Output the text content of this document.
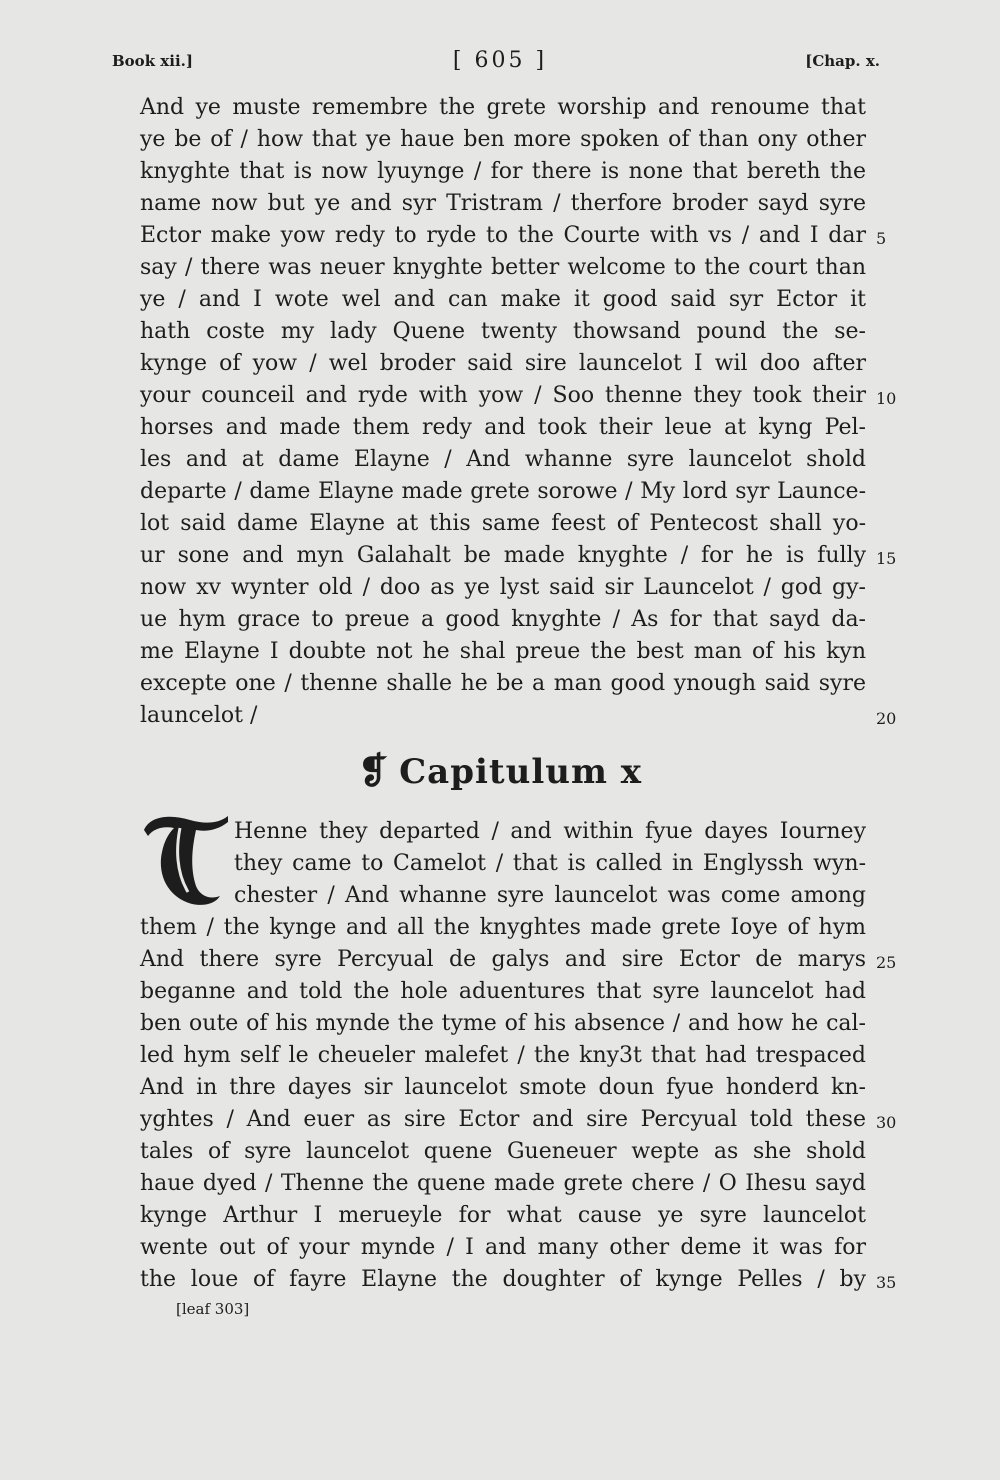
Book xii.]	[ 605 ]	[Chap. x.
And ye muste remembre the grete worship and renoume that
ye be of / how that ye haue ben more spoken of than ony other
knyghte that is now lyuynge / for there is none that bereth the
name now but ye and syr Tristram / therfore broder sayd syre
Ector make yow redy to ryde to the Courte with vs / and I dar
say / there was neuer knyghte better welcome to the court than
ye / and I wote wel and can make it good said syr Ector it
hath coste my lady Quene twenty thowsand pound the se-
kynge of yow / wel broder said sire launcelot I wil doo after
your counceil and ryde with yow / Soo thenne they took their
horses and made them redy and took their leue at kyng Pel-
les and at dame Elayne / And whanne syre launcelot shold
departe / dame Elayne made grete sorowe / My lord syr Launce-
lot said dame Elayne at this same feest of Pentecost shall yo-
ur sone and myn Galahalt be made knyghte / for he is fully
now xv wynter old / doo as ye lyst said sir Launcelot / god gy-
ue hym grace to preue a good knyghte / As for that sayd da-
me Elayne I doubte not he shal preue the best man of his kyn
excepte one / thenne shalle he be a man good ynough said syre
launcelot /
5
10
15
20
❡ Capitulum x
Henne they departed / and within fyue dayes Iourney
they came to Camelot / that is called in Englyssh wyn-
chester / And whanne syre launcelot was come among
them / the kynge and all the knyghtes made grete Ioye of hym
And there syre Percyual de galys and sire Ector de marys
beganne and told the hole aduentures that syre launcelot had
ben oute of his mynde the tyme of his absence / and how he cal-
led hym self le cheueler malefet / the kny3t that had trespaced
And in thre dayes sir launcelot smote doun fyue honderd kn-
yghtes / And euer as sire Ector and sire Percyual told these
tales of syre launcelot quene Gueneuer wepte as she shold
haue dyed / Thenne the quene made grete chere / O Ihesu sayd
kynge Arthur I merueyle for what cause ye syre launcelot
wente out of your mynde / I and many other deme it was for
the loue of fayre Elayne the doughter of kynge Pelles / by
25
30
35
[leaf 303]
